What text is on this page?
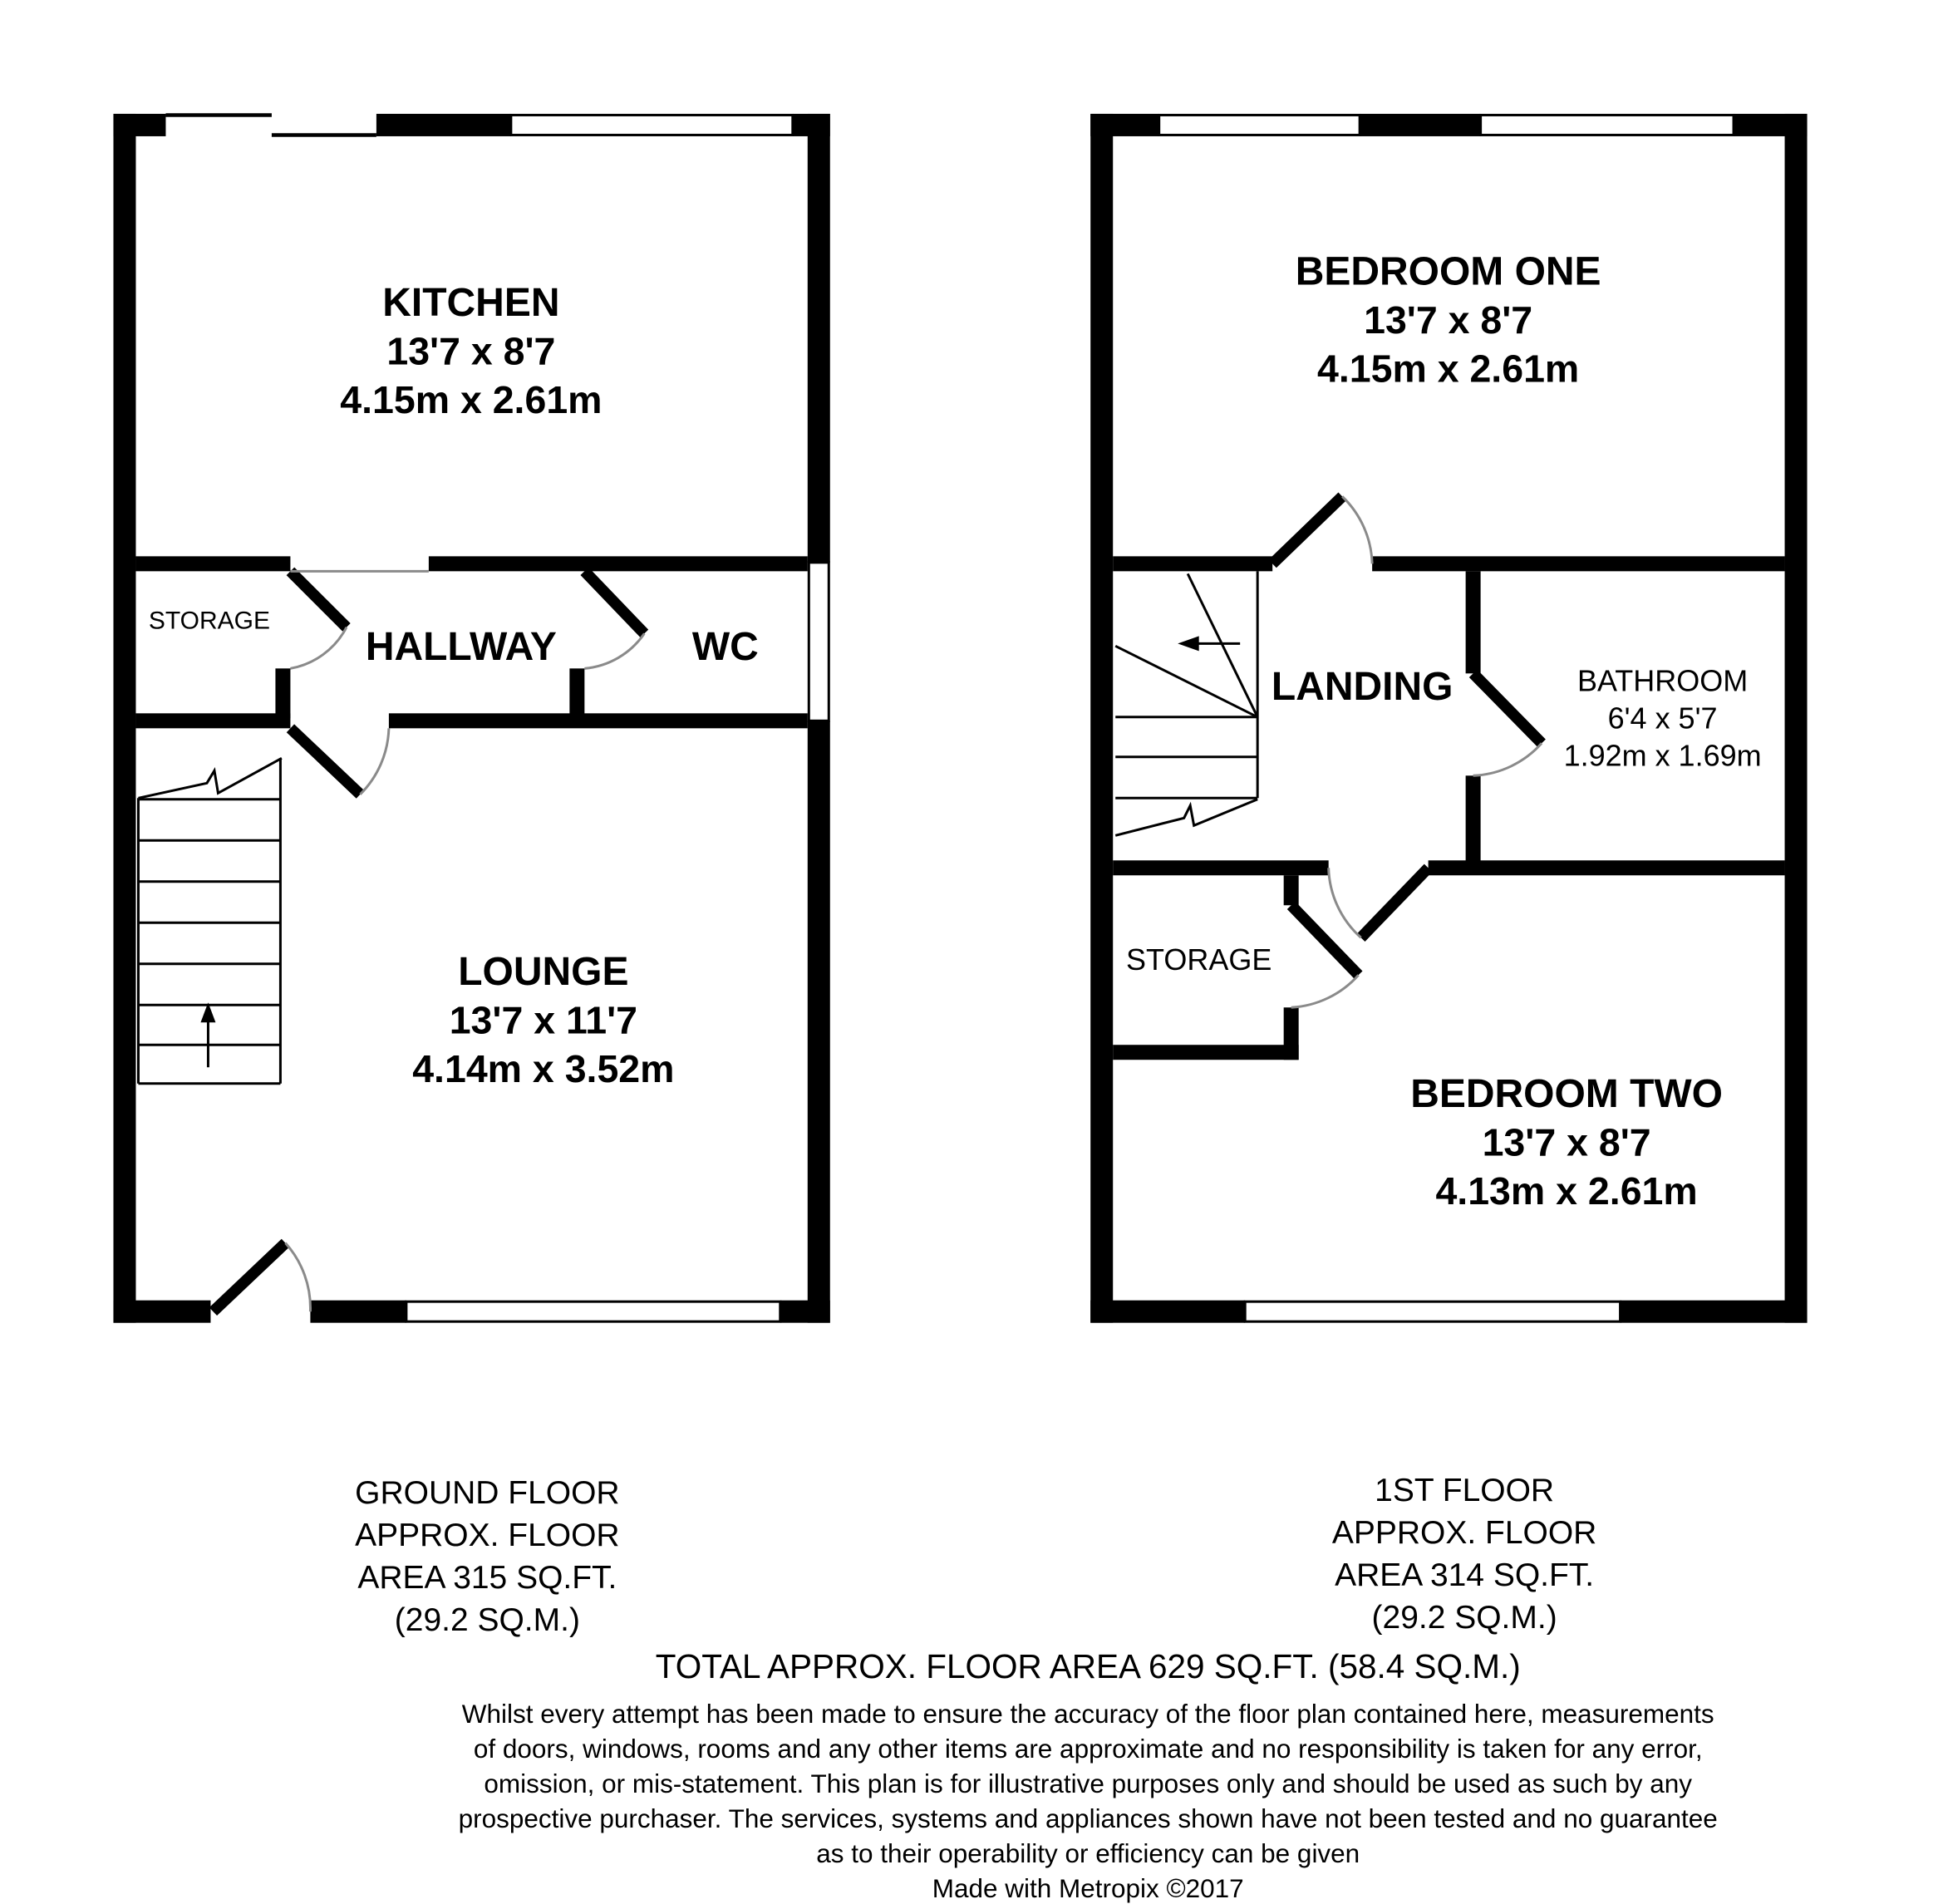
KITCHEN
13'7 x 8'7
4.15m x 2.61m
STORAGE
HALLWAY	WC
LOUNGE
13'7 x 11'7
4.14m x 3.52m
BEDROOM ONE
13'7 x 8'7
4.15m x 2.61m
LANDING	BATHROOM
6'4 x 5'7
1.92m x 1.69m
STORAGE
BEDROOM TWO
13'7 x 8'7
4.13m x 2.61m
GROUND FLOOR
APPROX. FLOOR
AREA 315 SQ.FT.
(29.2 SQ.M.)
1ST FLOOR
APPROX. FLOOR
AREA 314 SQ.FT.
(29.2 SQ.M.)
TOTAL APPROX. FLOOR AREA 629 SQ.FT. (58.4 SQ.M.)
Whilst every attempt has been made to ensure the accuracy of the floor plan contained here, measurements
of doors, windows, rooms and any other items are approximate and no responsibility is taken for any error,
omission, or mis-statement. This plan is for illustrative purposes only and should be used as such by any
prospective purchaser. The services, systems and appliances shown have not been tested and no guarantee
as to their operability or efficiency can be given
Made with Metropix ©2017
